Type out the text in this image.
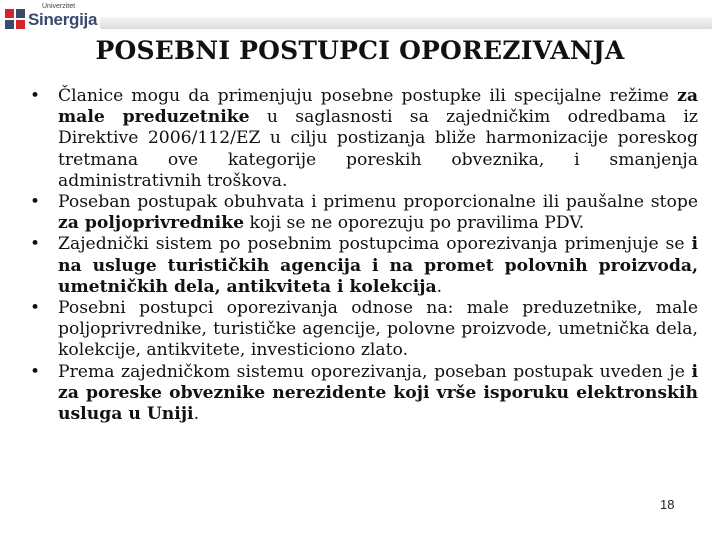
Univerzitet
Sinergija
POSEBNI POSTUPCI OPOREZIVANJA
• Članice mogu da primenjuju posebne postupke ili specijalne režime za male preduzetnike u saglasnosti sa zajedničkim odredbama iz Direktive 2006/112/EZ u cilju postizanja bliže harmonizacije poreskog tretmana ove kategorije poreskih obveznika, i smanjenja administrativnih troškova.
• Poseban postupak obuhvata i primenu proporcionalne ili paušalne stope za poljoprivrednike koji se ne oporezuju po pravilima PDV.
• Zajednički sistem po posebnim postupcima oporezivanja primenjuje se i na usluge turističkih agencija i na promet polovnih proizvoda, umetničkih dela, antikviteta i kolekcija.
• Posebni postupci oporezivanja odnose na: male preduzetnike, male poljoprivrednike, turističke agencije, polovne proizvode, umetnička dela, kolekcije, antikvitete, investiciono zlato.
• Prema zajedničkom sistemu oporezivanja, poseban postupak uveden je i za poreske obveznike nerezidente koji vrše isporuku elektronskih usluga u Uniji.
18
